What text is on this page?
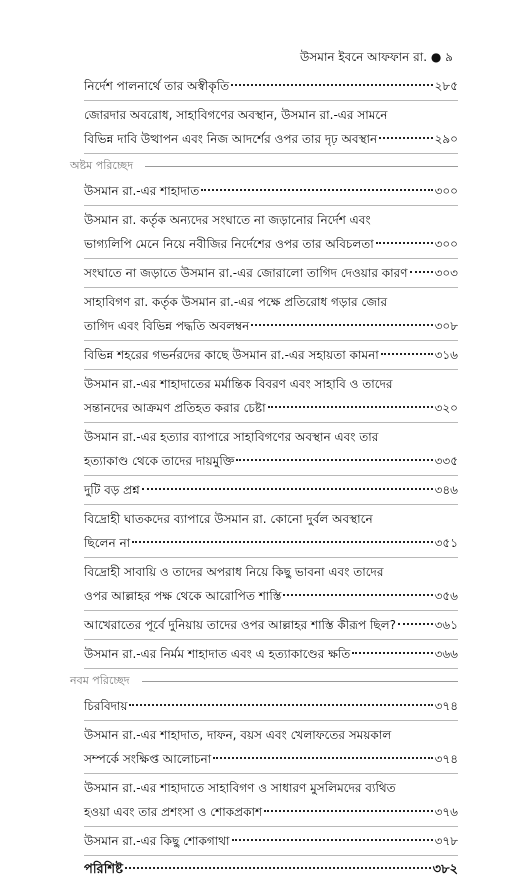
উসমান ইবনে আফফান রা. ● ৯
নির্দেশ পালনার্থে তার অস্বীকৃতি	২৮৫
জোরদার অবরোধ, সাহাবিগণের অবস্থান, উসমান রা.-এর সামনে
বিভিন্ন দাবি উত্থাপন এবং নিজ আদর্শের ওপর তার দৃঢ় অবস্থান	২৯০
অষ্টম পরিচ্ছেদ
উসমান রা.-এর শাহাদাত	৩০০
উসমান রা. কর্তৃক অন্যদের সংঘাতে না জড়ানোর নির্দেশ এবং
ভাগ্যলিপি মেনে নিয়ে নবীজির নির্দেশের ওপর তার অবিচলতা	৩০০
সংঘাতে না জড়াতে উসমান রা.-এর জোরালো তাগিদ দেওয়ার কারণ ৩০৩
সাহাবিগণ রা. কর্তৃক উসমান রা.-এর পক্ষে প্রতিরোধ গড়ার জোর
তাগিদ এবং বিভিন্ন পদ্ধতি অবলম্বন	৩০৮
বিভিন্ন শহরের গভর্নরদের কাছে উসমান রা.-এর সহায়তা কামনা	৩১৬
উসমান রা.-এর শাহাদাতের মর্মান্তিক বিবরণ এবং সাহাবি ও তাদের
সন্তানদের আক্রমণ প্রতিহত করার চেষ্টা	৩২০
উসমান রা.-এর হত্যার ব্যাপারে সাহাবিগণের অবস্থান এবং তার
হত্যাকাণ্ড থেকে তাদের দায়মুক্তি	৩৩৫
দুটি বড় প্রশ্ন	৩৪৬
বিদ্রোহী ঘাতকদের ব্যাপারে উসমান রা. কোনো দুর্বল অবস্থানে
ছিলেন না	৩৫১
বিদ্রোহী সাবায়ি ও তাদের অপরাধ নিয়ে কিছু ভাবনা এবং তাদের
ওপর আল্লাহর পক্ষ থেকে আরোপিত শাস্তি	৩৫৬
আখেরাতের পূর্বে দুনিয়ায় তাদের ওপর আল্লাহর শাস্তি কীরূপ ছিল?	৩৬১
উসমান রা.-এর নির্মম শাহাদাত এবং এ হত্যাকাণ্ডের ক্ষতি	৩৬৬
নবম পরিচ্ছেদ
চিরবিদায়	৩৭৪
উসমান রা.-এর শাহাদাত, দাফন, বয়স এবং খেলাফতের সময়কাল
সম্পর্কে সংক্ষিপ্ত আলোচনা	৩৭৪
উসমান রা.-এর শাহাদাতে সাহাবিগণ ও সাধারণ মুসলিমদের ব্যথিত
হওয়া এবং তার প্রশংসা ও শোকপ্রকাশ	৩৭৬
উসমান রা.-এর কিছু শোকগাথা	৩৭৮
পরিশিষ্ট	৩৮২
